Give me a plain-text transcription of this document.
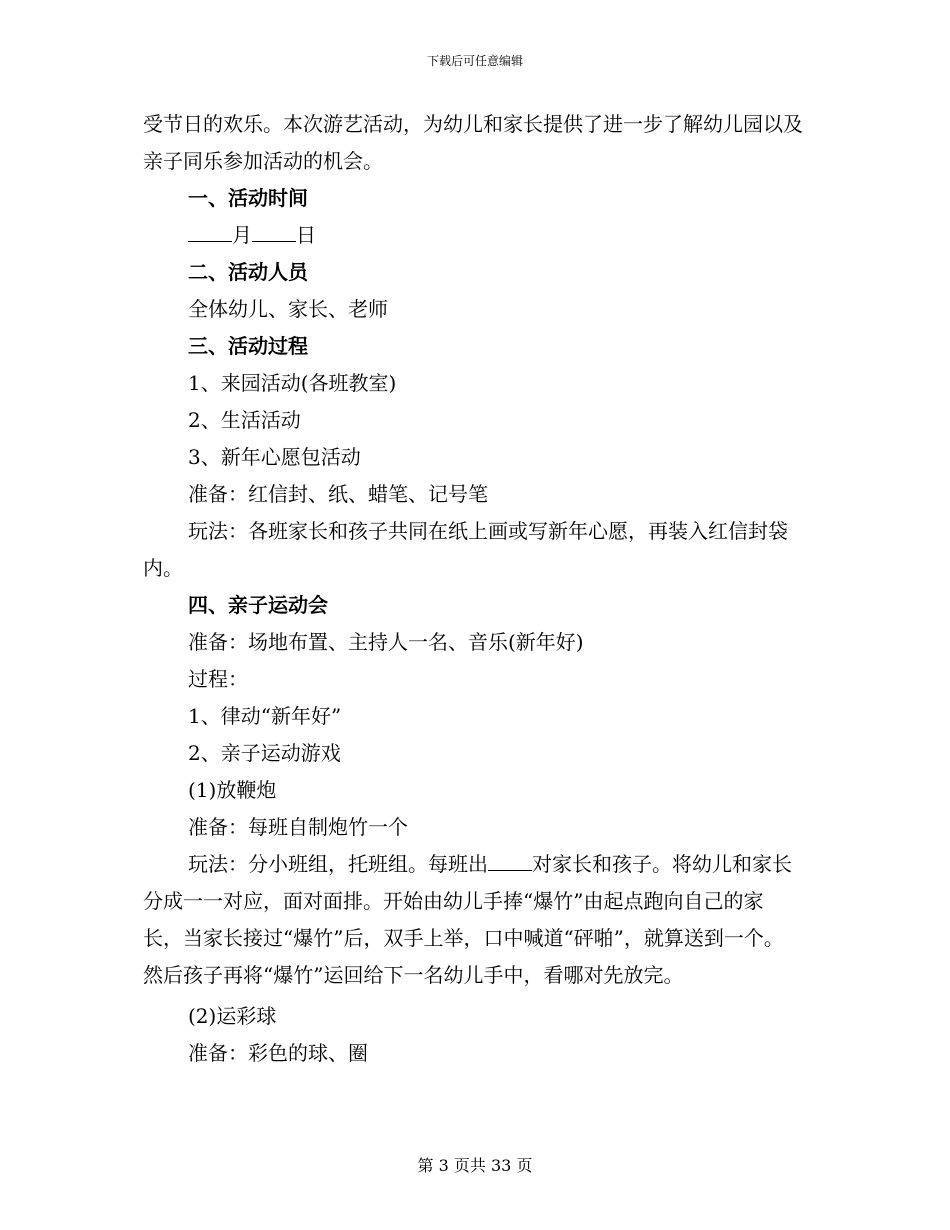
下载后可任意编辑

受节日的欢乐。本次游艺活动，为幼儿和家长提供了进一步了解幼儿园以及亲子同乐参加活动的机会。

一、活动时间

月 日

二、活动人员

全体幼儿、家长、老师

三、活动过程

1、来园活动(各班教室)

2、生活活动

3、新年心愿包活动

准备：红信封、纸、蜡笔、记号笔

玩法：各班家长和孩子共同在纸上画或写新年心愿，再装入红信封袋内。

四、亲子运动会

准备：场地布置、主持人一名、音乐(新年好)

过程：

1、律动“新年好”

2、亲子运动游戏

(1)放鞭炮

准备：每班自制炮竹一个

玩法：分小班组，托班组。每班出 对家长和孩子。将幼儿和家长分成一一对应，面对面排。开始由幼儿手捧“爆竹”由起点跑向自己的家长，当家长接过“爆竹”后，双手上举，口中喊道“砰啪”，就算送到一个。然后孩子再将“爆竹”运回给下一名幼儿手中，看哪对先放完。

(2)运彩球

准备：彩色的球、圈

第 3 页共 33 页
